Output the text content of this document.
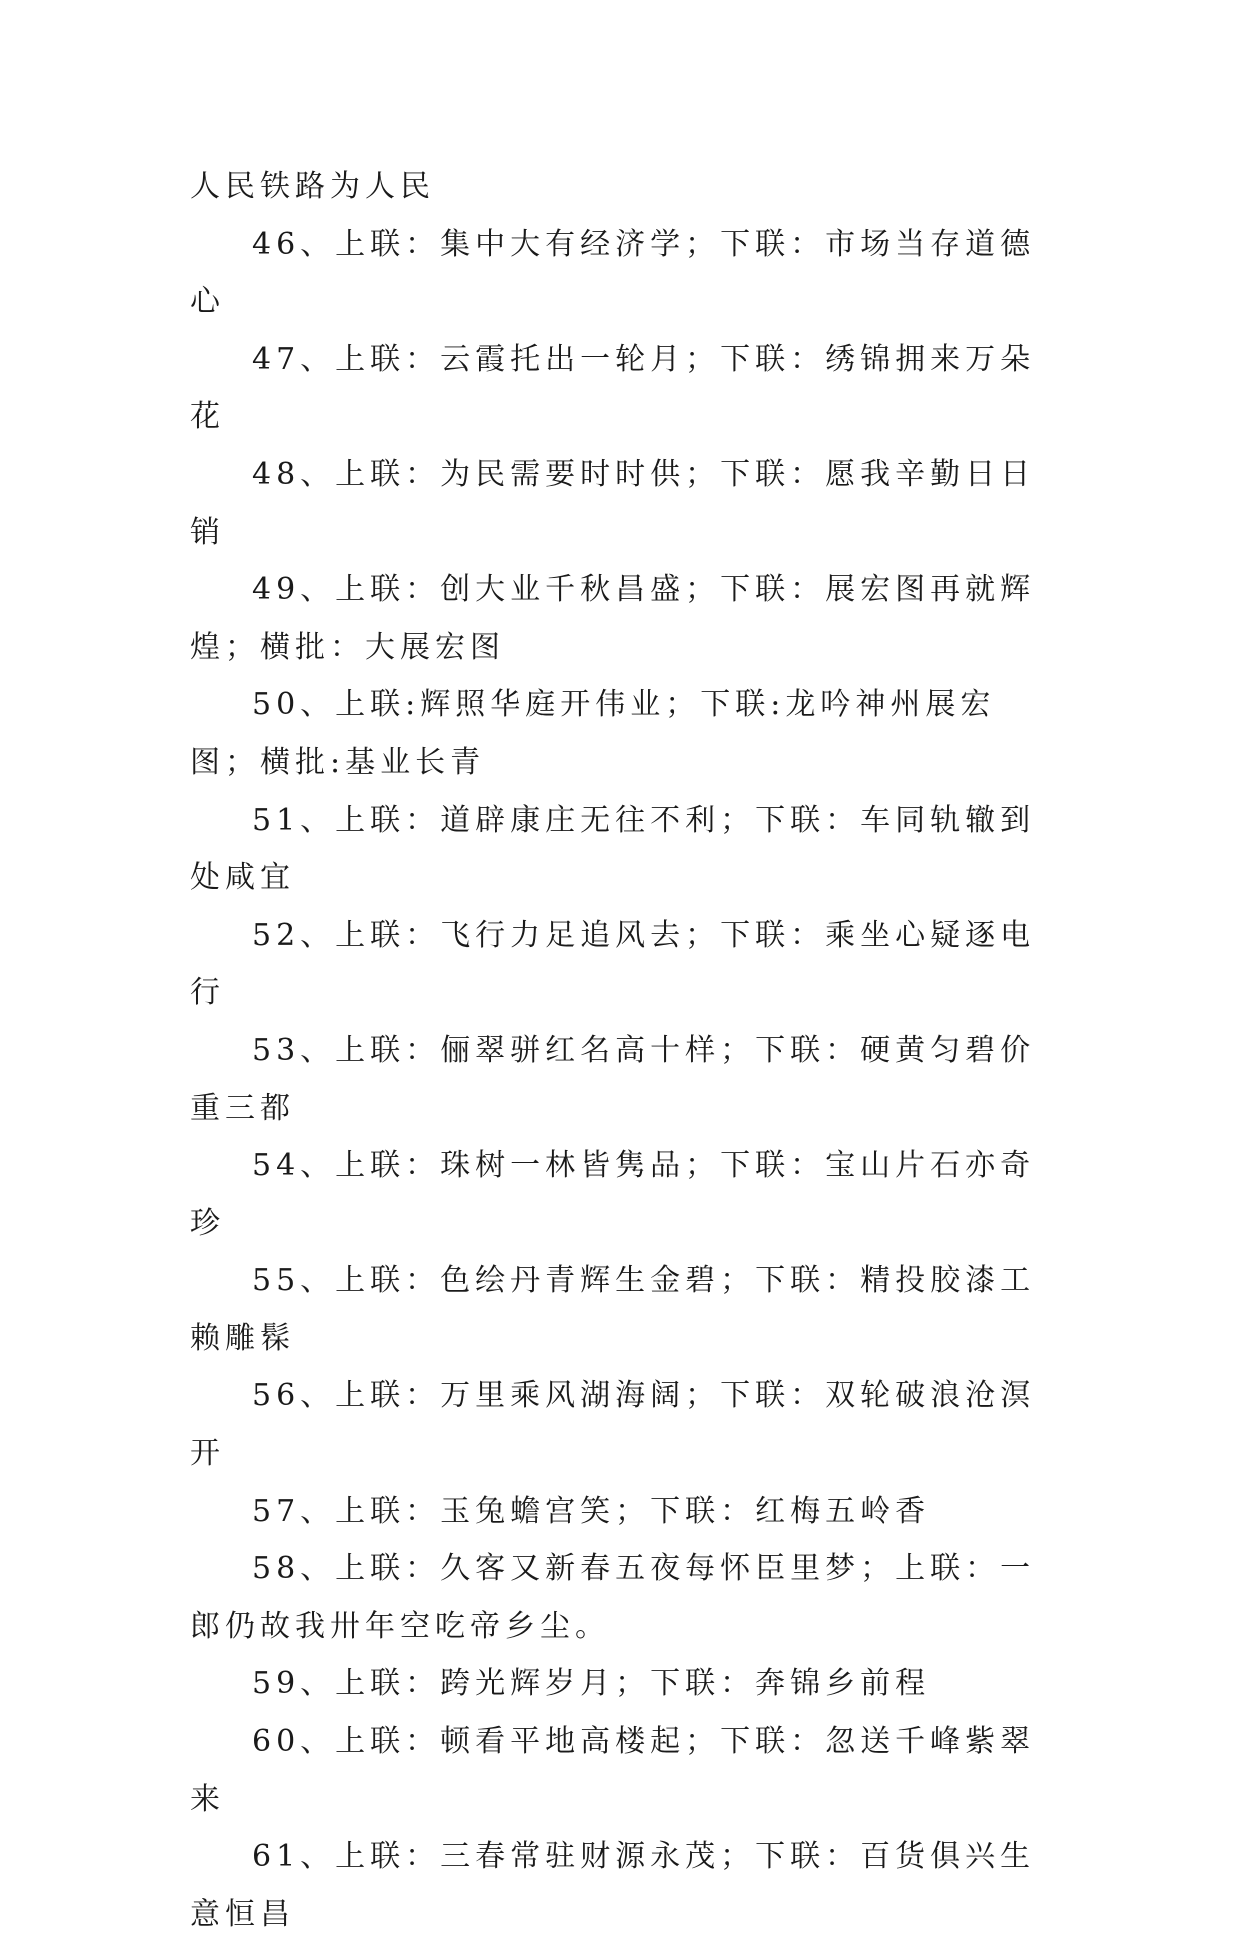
人民铁路为人民

46、上联：集中大有经济学；下联：市场当存道德心

47、上联：云霞托出一轮月；下联：绣锦拥来万朵花

48、上联：为民需要时时供；下联：愿我辛勤日日销

49、上联：创大业千秋昌盛；下联：展宏图再就辉煌；横批：大展宏图

50、上联:辉照华庭开伟业；下联:龙吟神州展宏图；横批:基业长青

51、上联：道辟康庄无往不利；下联：车同轨辙到处咸宜

52、上联：飞行力足追风去；下联：乘坐心疑逐电行

53、上联：俪翠骈红名高十样；下联：硬黄匀碧价重三都

54、上联：珠树一林皆隽品；下联：宝山片石亦奇珍

55、上联：色绘丹青辉生金碧；下联：精投胶漆工赖雕髹

56、上联：万里乘风湖海阔；下联：双轮破浪沧溟开

57、上联：玉兔蟾宫笑；下联：红梅五岭香

58、上联：久客又新春五夜每怀臣里梦；上联：一郎仍故我卅年空吃帝乡尘。

59、上联：跨光辉岁月；下联：奔锦乡前程

60、上联：顿看平地高楼起；下联：忽送千峰紫翠来

61、上联：三春常驻财源永茂；下联：百货俱兴生意恒昌
